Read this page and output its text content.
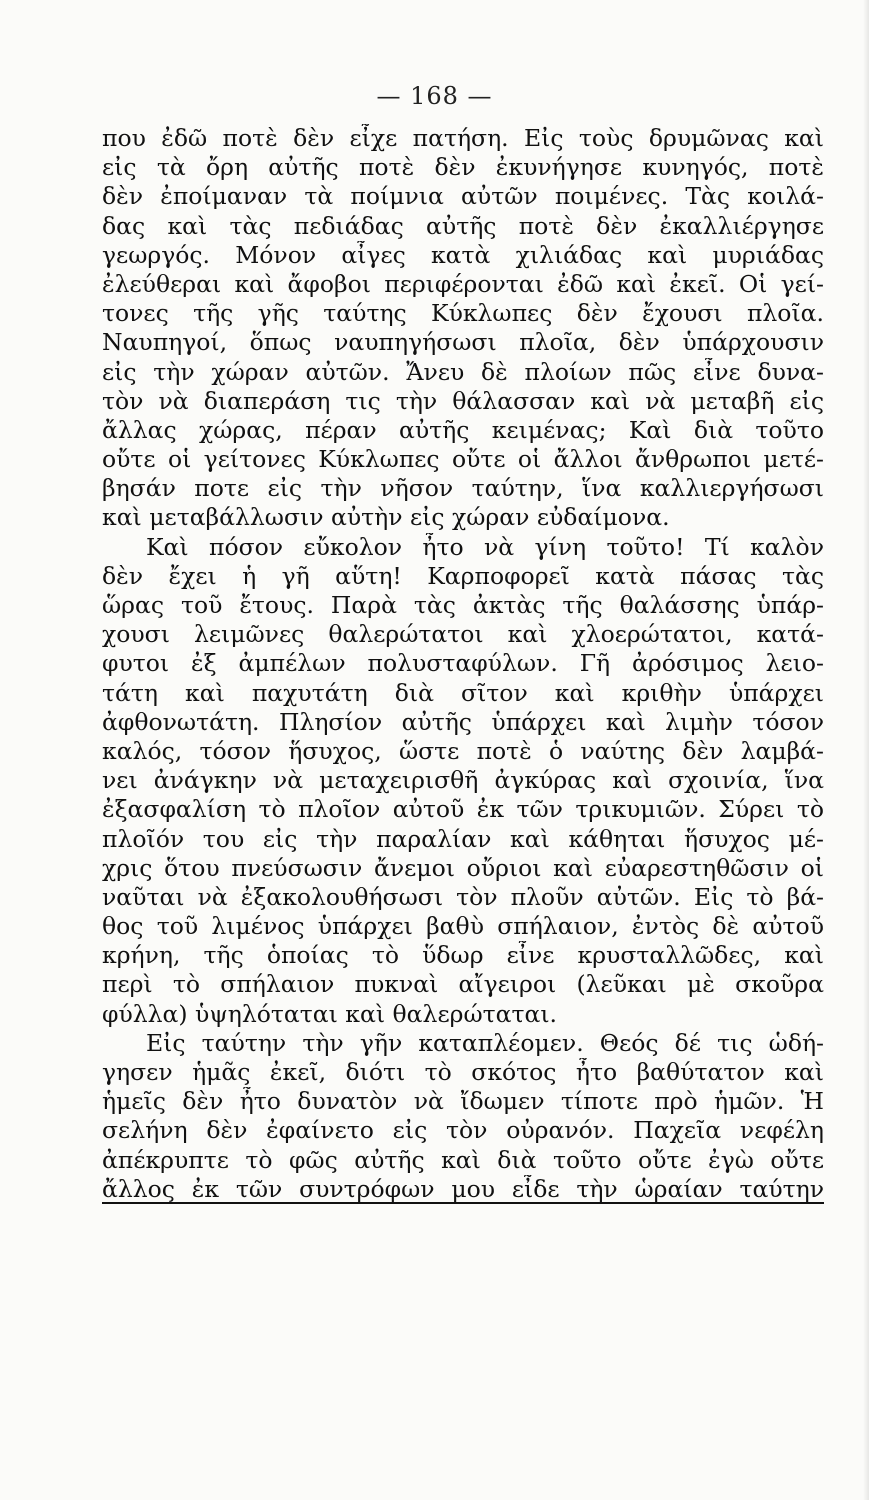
— 168 —
που ἐδῶ ποτὲ δὲν εἶχε πατήση. Εἰς τοὺς δρυμῶνας καὶ
εἰς τὰ ὄρη αὐτῆς ποτὲ δὲν ἐκυνήγησε κυνηγός, ποτὲ
δὲν ἐποίμαναν τὰ ποίμνια αὐτῶν ποιμένες. Τὰς κοιλά-
δας καὶ τὰς πεδιάδας αὐτῆς ποτὲ δὲν ἐκαλλιέργησε
γεωργός. Μόνον αἶγες κατὰ χιλιάδας καὶ μυριάδας
ἐλεύθεραι καὶ ἄφοβοι περιφέρονται ἐδῶ καὶ ἐκεῖ. Οἱ γεί-
τονες τῆς γῆς ταύτης Κύκλωπες δὲν ἔχουσι πλοῖα.
Ναυπηγοί, ὅπως ναυπηγήσωσι πλοῖα, δὲν ὑπάρχουσιν
εἰς τὴν χώραν αὐτῶν. Ἄνευ δὲ πλοίων πῶς εἶνε δυνα-
τὸν νὰ διαπεράση τις τὴν θάλασσαν καὶ νὰ μεταβῆ εἰς
ἄλλας χώρας, πέραν αὐτῆς κειμένας; Καὶ διὰ τοῦτο
οὔτε οἱ γείτονες Κύκλωπες οὔτε οἱ ἄλλοι ἄνθρωποι μετέ-
βησάν ποτε εἰς τὴν νῆσον ταύτην, ἵνα καλλιεργήσωσι
καὶ μεταβάλλωσιν αὐτὴν εἰς χώραν εὐδαίμονα.
Καὶ πόσον εὔκολον ἦτο νὰ γίνη τοῦτο! Τί καλὸν
δὲν ἔχει ἡ γῆ αὕτη! Καρποφορεῖ κατὰ πάσας τὰς
ὥρας τοῦ ἔτους. Παρὰ τὰς ἀκτὰς τῆς θαλάσσης ὑπάρ-
χουσι λειμῶνες θαλερώτατοι καὶ χλοερώτατοι, κατά-
φυτοι ἐξ ἀμπέλων πολυσταφύλων. Γῆ ἀρόσιμος λειο-
τάτη καὶ παχυτάτη διὰ σῖτον καὶ κριθὴν ὑπάρχει
ἀφθονωτάτη. Πλησίον αὐτῆς ὑπάρχει καὶ λιμὴν τόσον
καλός, τόσον ἥσυχος, ὥστε ποτὲ ὁ ναύτης δὲν λαμβά-
νει ἀνάγκην νὰ μεταχειρισθῆ ἀγκύρας καὶ σχοινία, ἵνα
ἐξασφαλίση τὸ πλοῖον αὐτοῦ ἐκ τῶν τρικυμιῶν. Σύρει τὸ
πλοῖόν του εἰς τὴν παραλίαν καὶ κάθηται ἥσυχος μέ-
χρις ὅτου πνεύσωσιν ἄνεμοι οὔριοι καὶ εὐαρεστηθῶσιν οἱ
ναῦται νὰ ἐξακολουθήσωσι τὸν πλοῦν αὐτῶν. Εἰς τὸ βά-
θος τοῦ λιμένος ὑπάρχει βαθὺ σπήλαιον, ἐντὸς δὲ αὐτοῦ
κρήνη, τῆς ὁποίας τὸ ὕδωρ εἶνε κρυσταλλῶδες, καὶ
περὶ τὸ σπήλαιον πυκναὶ αἴγειροι (λεῦκαι μὲ σκοῦρα
φύλλα) ὑψηλόταται καὶ θαλερώταται.
Εἰς ταύτην τὴν γῆν καταπλέομεν. Θεός δέ τις ὡδή-
γησεν ἡμᾶς ἐκεῖ, διότι τὸ σκότος ἦτο βαθύτατον καὶ
ἡμεῖς δὲν ἦτο δυνατὸν νὰ ἴδωμεν τίποτε πρὸ ἡμῶν. Ἡ
σελήνη δὲν ἐφαίνετο εἰς τὸν οὐρανόν. Παχεῖα νεφέλη
ἀπέκρυπτε τὸ φῶς αὐτῆς καὶ διὰ τοῦτο οὔτε ἐγὼ οὔτε
ἄλλος ἐκ τῶν συντρόφων μου εἶδε τὴν ὡραίαν ταύτην
